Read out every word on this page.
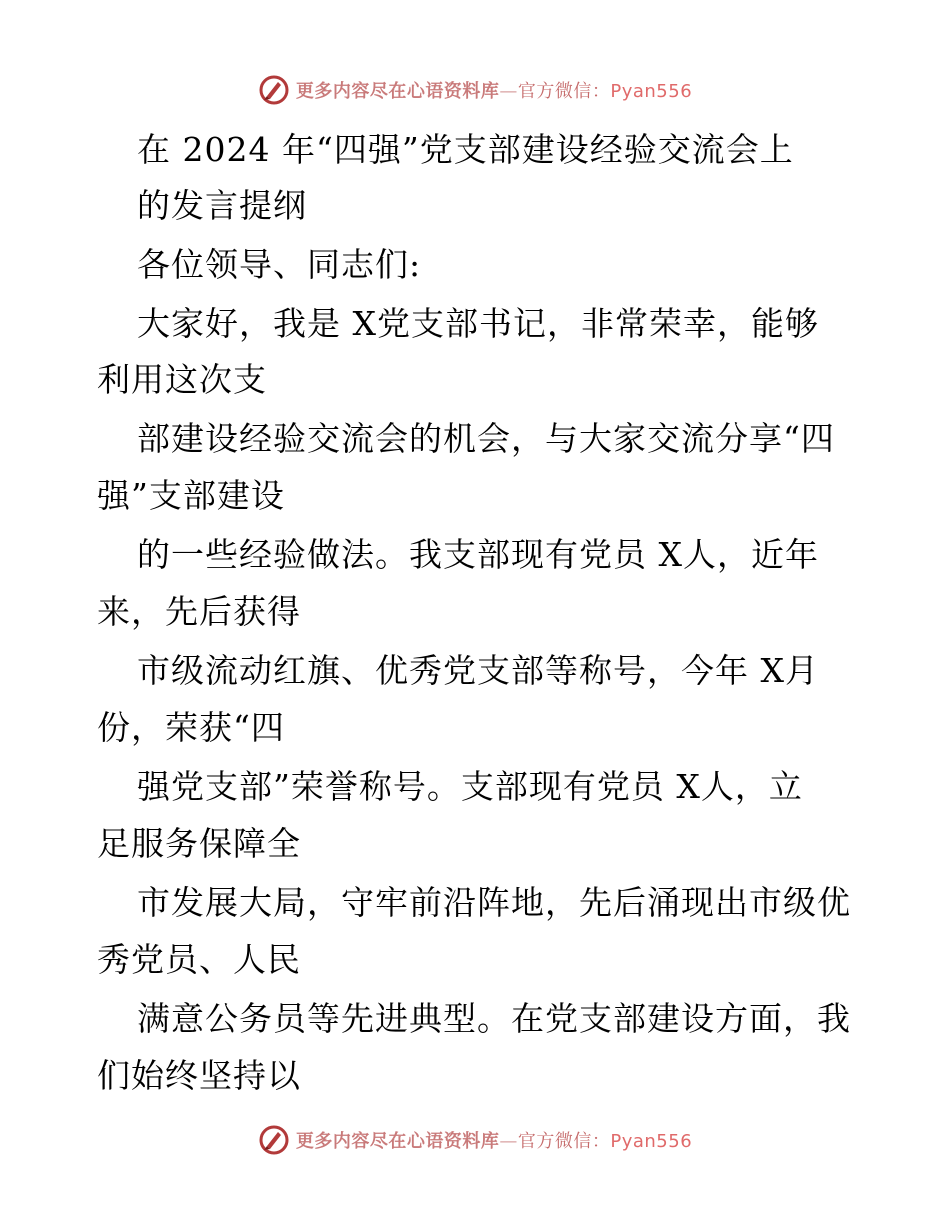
更多内容尽在心语资料库—官方微信：Pyan556
在 2024 年“四强”党支部建设经验交流会上
的发言提纲
各位领导、同志们:
大家好，我是 X党支部书记，非常荣幸，能够
利用这次支
部建设经验交流会的机会，与大家交流分享“四
强”支部建设
的一些经验做法。我支部现有党员 X人，近年
来，先后获得
市级流动红旗、优秀党支部等称号，今年 X月
份，荣获“四
强党支部”荣誉称号。支部现有党员 X人，立
足服务保障全
市发展大局，守牢前沿阵地，先后涌现出市级优
秀党员、人民
满意公务员等先进典型。在党支部建设方面，我
们始终坚持以
更多内容尽在心语资料库—官方微信：Pyan556
